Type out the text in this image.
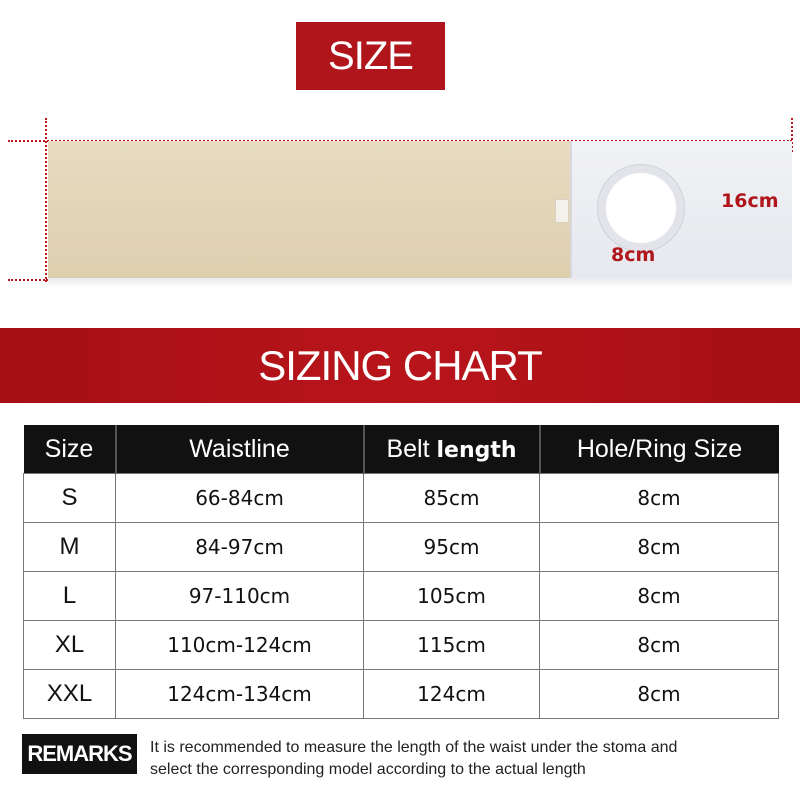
SIZE
16cm
8cm
SIZING CHART
Size	Waistline	Belt length	Hole/Ring Size
S	66-84cm	85cm	8cm
M	84-97cm	95cm	8cm
L	97-110cm	105cm	8cm
XL	110cm-124cm	115cm	8cm
XXL	124cm-134cm	124cm	8cm
REMARKS	It is recommended to measure the length of the waist under the stoma and
select the corresponding model according to the actual length
